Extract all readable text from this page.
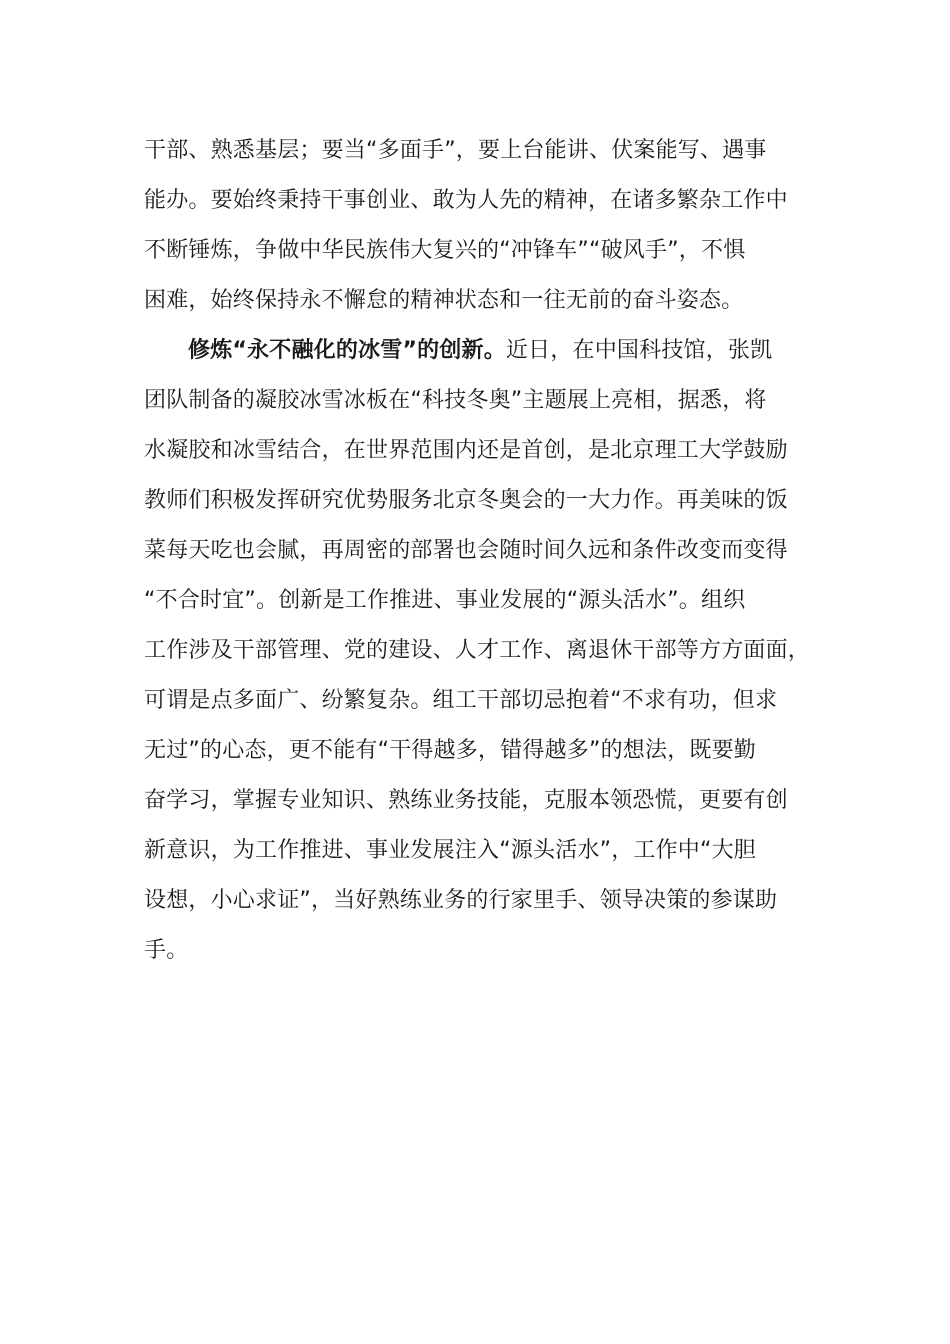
干部、熟悉基层；要当“多面手”，要上台能讲、伏案能写、遇事
能办。要始终秉持干事创业、敢为人先的精神，在诸多繁杂工作中
不断锤炼，争做中华民族伟大复兴的“冲锋车”“破风手”，不惧
困难，始终保持永不懈怠的精神状态和一往无前的奋斗姿态。
修炼“永不融化的冰雪”的创新。近日，在中国科技馆，张凯
团队制备的凝胶冰雪冰板在“科技冬奥”主题展上亮相，据悉，将
水凝胶和冰雪结合，在世界范围内还是首创，是北京理工大学鼓励
教师们积极发挥研究优势服务北京冬奥会的一大力作。再美味的饭
菜每天吃也会腻，再周密的部署也会随时间久远和条件改变而变得
“不合时宜”。创新是工作推进、事业发展的“源头活水”。组织
工作涉及干部管理、党的建设、人才工作、离退休干部等方方面面，
可谓是点多面广、纷繁复杂。组工干部切忌抱着“不求有功，但求
无过”的心态，更不能有“干得越多，错得越多”的想法，既要勤
奋学习，掌握专业知识、熟练业务技能，克服本领恐慌，更要有创
新意识，为工作推进、事业发展注入“源头活水”，工作中“大胆
设想，小心求证”，当好熟练业务的行家里手、领导决策的参谋助
手。
